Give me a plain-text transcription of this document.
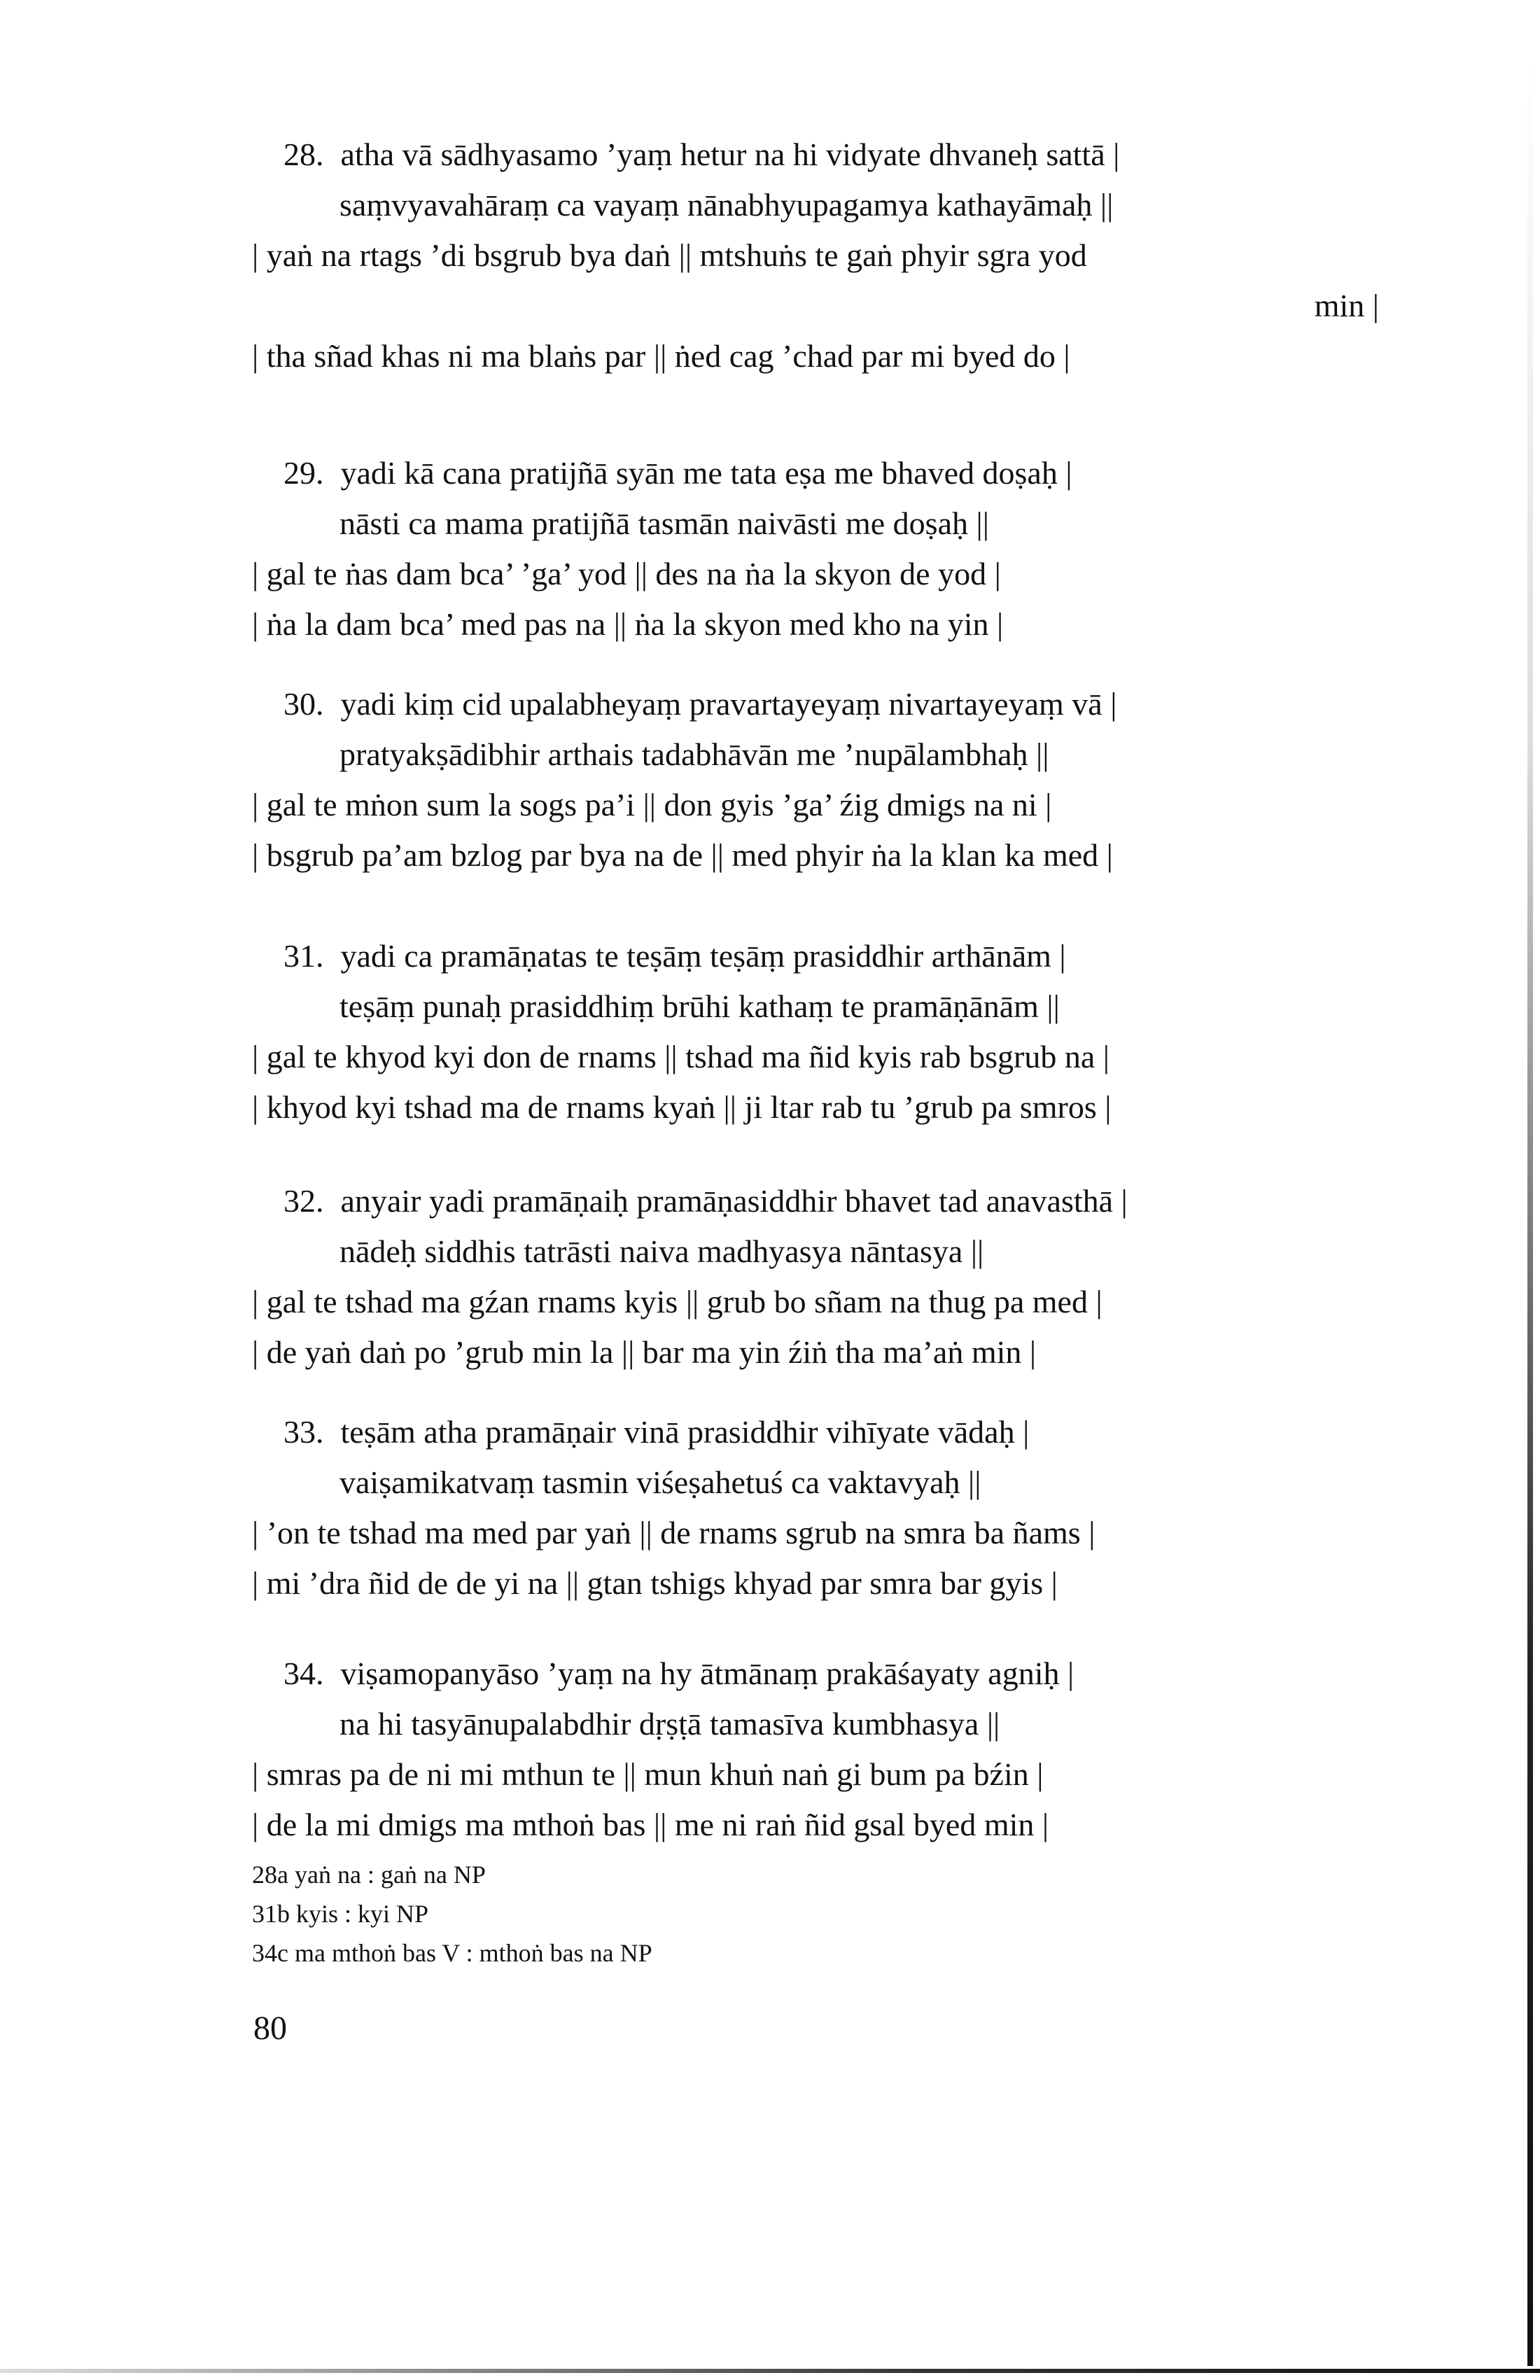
28. atha vā sādhyasamo ’yaṃ hetur na hi vidyate dhvaneḥ sattā |
saṃvyavahāraṃ ca vayaṃ nānabhyupagamya kathayāmaḥ ||
| yaṅ na rtags ’di bsgrub bya daṅ || mtshuṅs te gaṅ phyir sgra yod
min |
| tha sñad khas ni ma blaṅs par || ṅed cag ’chad par mi byed do |
29. yadi kā cana pratijñā syān me tata eṣa me bhaved doṣaḥ |
nāsti ca mama pratijñā tasmān naivāsti me doṣaḥ ||
| gal te ṅas dam bca’ ’ga’ yod || des na ṅa la skyon de yod |
| ṅa la dam bca’ med pas na || ṅa la skyon med kho na yin |
30. yadi kiṃ cid upalabheyaṃ pravartayeyaṃ nivartayeyaṃ vā |
pratyakṣādibhir arthais tadabhāvān me ’nupālambhaḥ ||
| gal te mṅon sum la sogs pa’i || don gyis ’ga’ źig dmigs na ni |
| bsgrub pa’am bzlog par bya na de || med phyir ṅa la klan ka med |
31. yadi ca pramāṇatas te teṣāṃ teṣāṃ prasiddhir arthānām |
teṣāṃ punaḥ prasiddhiṃ brūhi kathaṃ te pramāṇānām ||
| gal te khyod kyi don de rnams || tshad ma ñid kyis rab bsgrub na |
| khyod kyi tshad ma de rnams kyaṅ || ji ltar rab tu ’grub pa smros |
32. anyair yadi pramāṇaiḥ pramāṇasiddhir bhavet tad anavasthā |
nādeḥ siddhis tatrāsti naiva madhyasya nāntasya ||
| gal te tshad ma gźan rnams kyis || grub bo sñam na thug pa med |
| de yaṅ daṅ po ’grub min la || bar ma yin źiṅ tha ma’aṅ min |
33. teṣām atha pramāṇair vinā prasiddhir vihīyate vādaḥ |
vaiṣamikatvaṃ tasmin viśeṣahetuś ca vaktavyaḥ ||
| ’on te tshad ma med par yaṅ || de rnams sgrub na smra ba ñams |
| mi ’dra ñid de de yi na || gtan tshigs khyad par smra bar gyis |
34. viṣamopanyāso ’yaṃ na hy ātmānaṃ prakāśayaty agniḥ |
na hi tasyānupalabdhir dṛṣṭā tamasīva kumbhasya ||
| smras pa de ni mi mthun te || mun khuṅ naṅ gi bum pa bźin |
| de la mi dmigs ma mthoṅ bas || me ni raṅ ñid gsal byed min |
28a yaṅ na : gaṅ na NP
31b kyis : kyi NP
34c ma mthoṅ bas V : mthoṅ bas na NP
80
